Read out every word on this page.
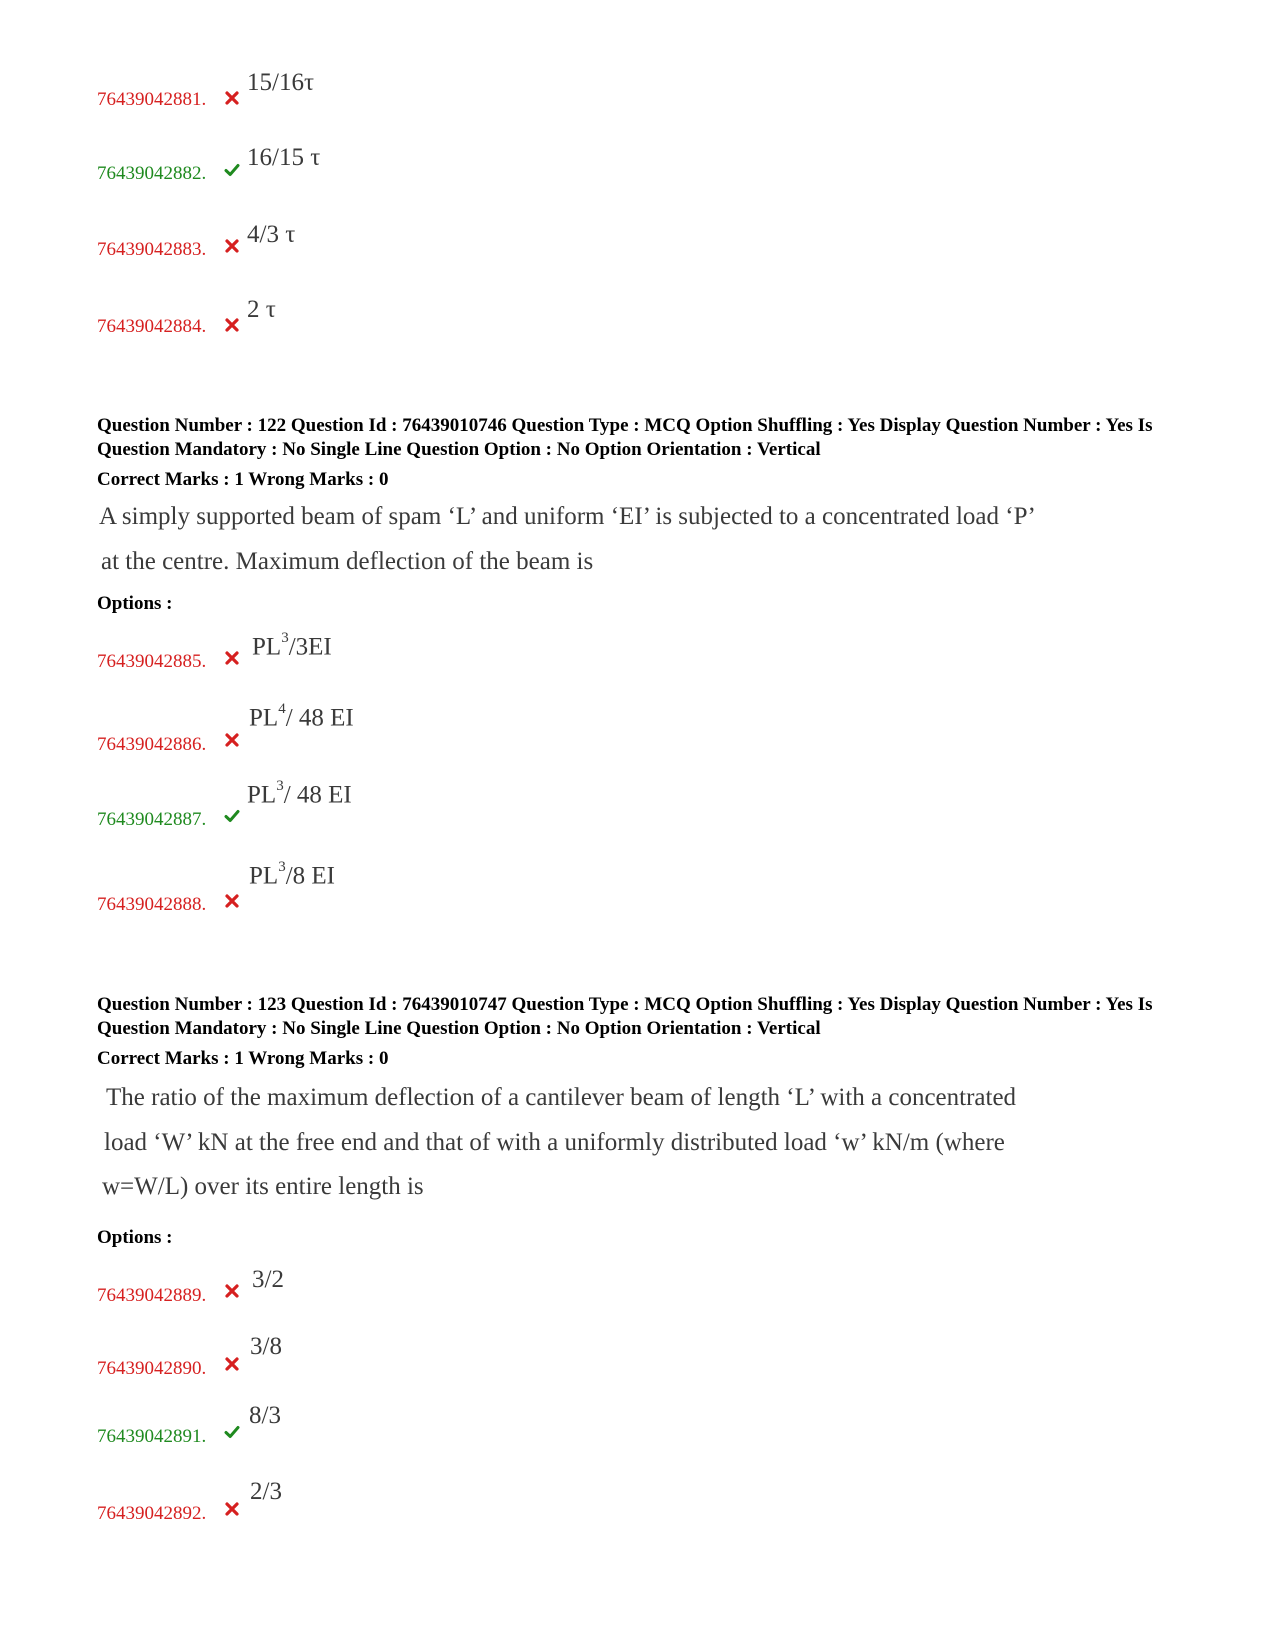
76439042881.
15/16τ
76439042882.
16/15 τ
76439042883.
4/3 τ
76439042884.
2 τ
Question Number : 122 Question Id : 76439010746 Question Type : MCQ Option Shuffling : Yes Display Question Number : Yes Is Question Mandatory : No Single Line Question Option : No Option Orientation : Vertical
Correct Marks : 1 Wrong Marks : 0
A simply supported beam of spam ‘L’ and uniform ‘EI’ is subjected to a concentrated load ‘P’
at the centre. Maximum deflection of the beam is
Options :
76439042885.
$PL^3/3EI$
76439042886.
$PL^4/$ 48 EI
76439042887.
$PL^3/$ 48 EI
76439042888.
$PL^3/8$ EI
Question Number : 123 Question Id : 76439010747 Question Type : MCQ Option Shuffling : Yes Display Question Number : Yes Is Question Mandatory : No Single Line Question Option : No Option Orientation : Vertical
Correct Marks : 1 Wrong Marks : 0
The ratio of the maximum deflection of a cantilever beam of length ‘L’ with a concentrated
load ‘W’ kN at the free end and that of with a uniformly distributed load ‘w’ kN/m (where
w=W/L) over its entire length is
Options :
76439042889.
3/2
76439042890.
3/8
76439042891.
8/3
76439042892.
2/3
